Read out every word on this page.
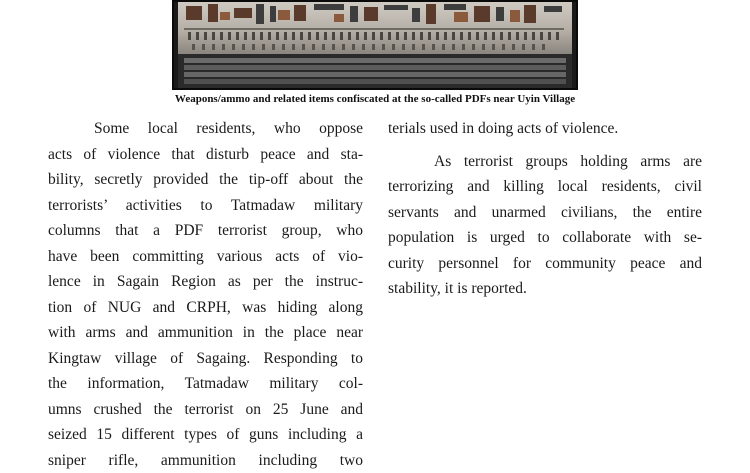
Weapons/ammo and related items confiscated at the so-called PDFs near Uyin Village

Some local residents, who oppose
acts of violence that disturb peace and sta-
bility, secretly provided the tip-off about the
terrorists’ activities to Tatmadaw military
columns that a PDF terrorist group, who
have been committing various acts of vio-
lence in Sagain Region as per the instruc-
tion of NUG and CRPH, was hiding along
with arms and ammunition in the place near
Kingtaw village of Sagaing. Responding to
the information, Tatmadaw military col-
umns crushed the terrorist on 25 June and
seized 15 different types of guns including a
sniper rifle, ammunition including two

terials used in doing acts of violence.

As terrorist groups holding arms are
terrorizing and killing local residents, civil
servants and unarmed civilians, the entire
population is urged to collaborate with se-
curity personnel for community peace and
stability, it is reported.
